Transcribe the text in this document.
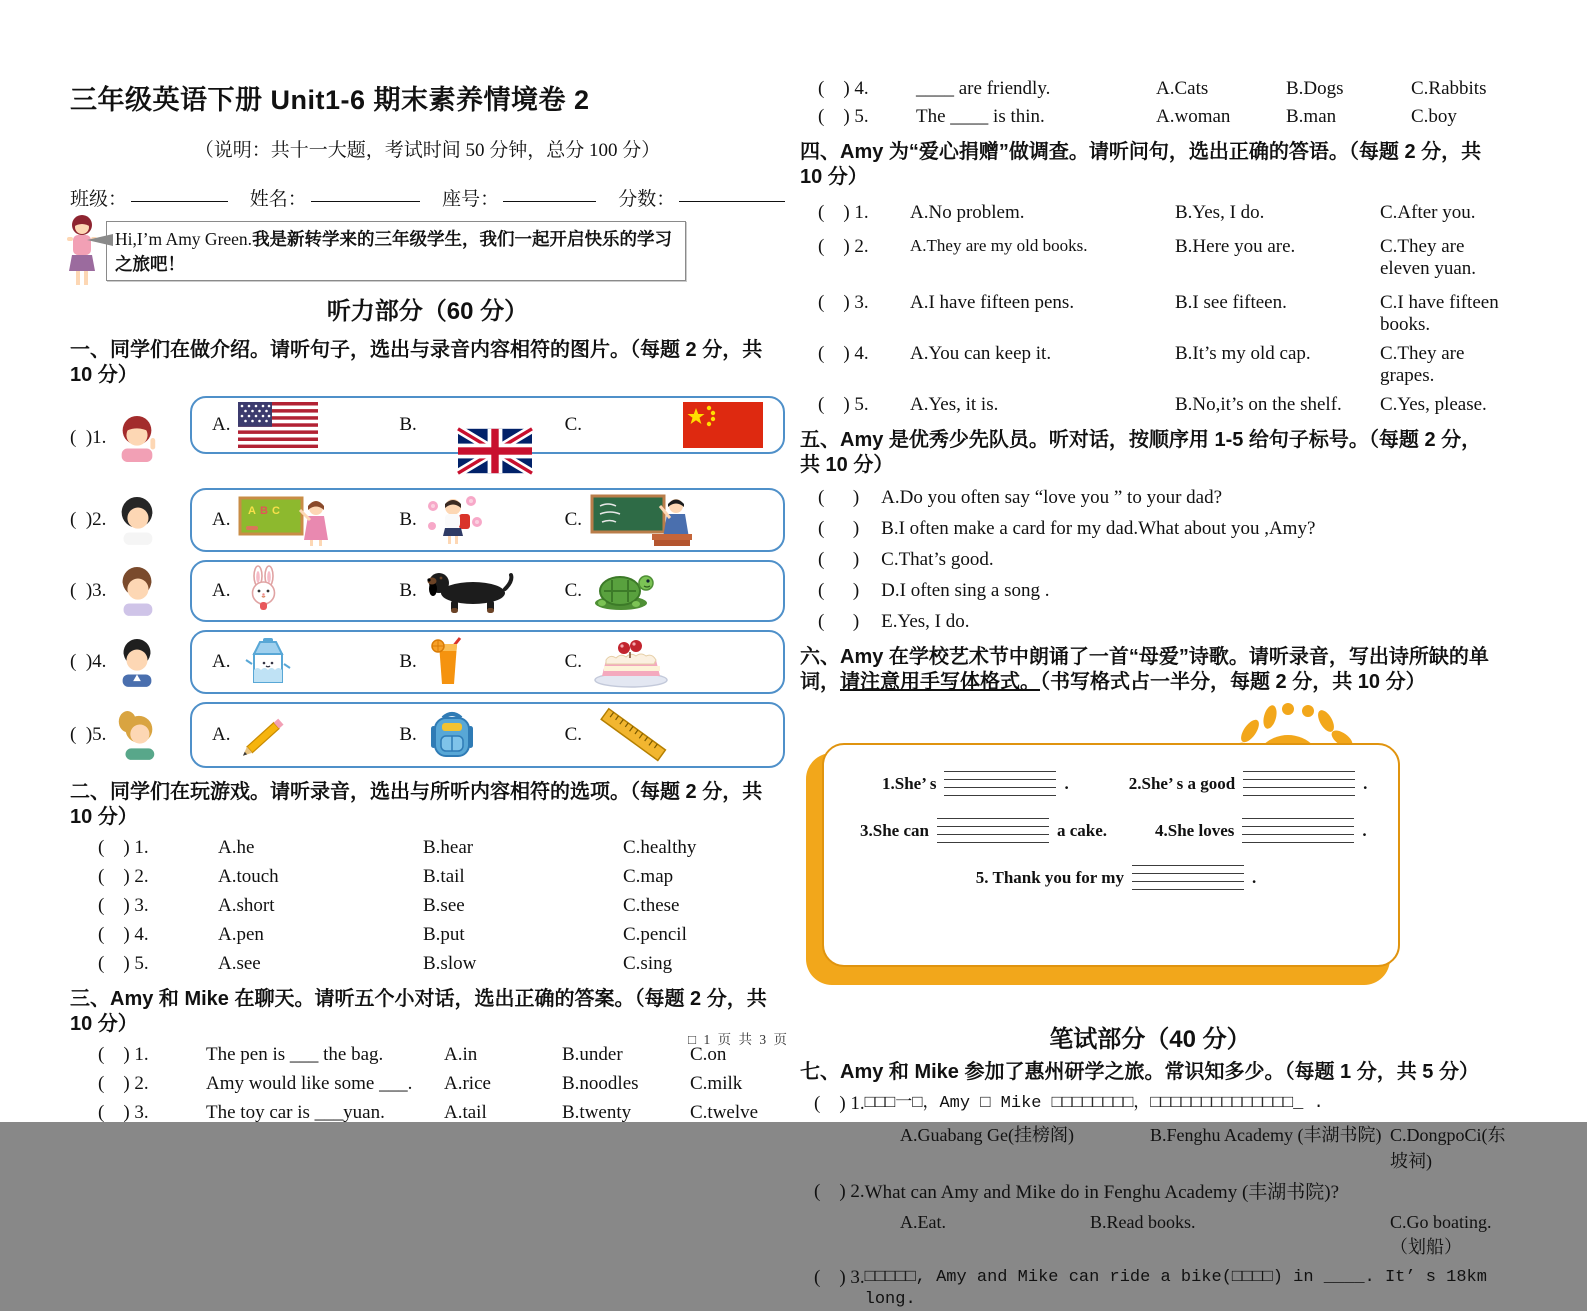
三年级英语下册 Unit1-6 期末素养情境卷 2
（说明：共十一大题，考试时间 50 分钟，总分 100 分）
班级：	姓名：	座号：	分数：
Hi,I’m Amy Green.我是新转学来的三年级学生，我们一起开启快乐的学习之旅吧！
听力部分（60 分）
一、同学们在做介绍。请听句子，选出与录音内容相符的图片。（每题 2 分，共 10 分）
(  )1.
A.	B.	C.
(  )2.	A. A B C	B.	C.
(  )3.	A.	B.	C.
(  )4.	A.	B.	C.
(  )5.	A.	B.	C.
二、同学们在玩游戏。请听录音，选出与所听内容相符的选项。（每题 2 分，共 10 分）
(    ) 1.	A.he	B.hear	C.healthy
(    ) 2.	A.touch	B.tail	C.map
(    ) 3.	A.short	B.see	C.these
(    ) 4.	A.pen	B.put	C.pencil
(    ) 5.	A.see	B.slow	C.sing
三、Amy 和 Mike 在聊天。请听五个小对话，选出正确的答案。（每题 2 分，共 10 分）
(    ) 1.	The pen is ___ the bag.	A.in	B.under	C.on
(    ) 2.	Amy would like some ___.	A.rice	B.noodles	C.milk
(    ) 3.	The toy car is ___yuan.	A.tail	B.twenty	C.twelve
□ 1 页 共 3 页
(    ) 4.	____ are friendly.	A.Cats	B.Dogs	C.Rabbits
(    ) 5.	The ____ is thin.	A.woman	B.man	C.boy
四、Amy 为“爱心捐赠”做调查。请听问句，选出正确的答语。（每题 2 分，共 10 分）
(    ) 1.	A.No problem.	B.Yes, I do.	C.After you.
(    ) 2.	A.They are my old books.	B.Here you are.	C.They are eleven yuan.
(    ) 3.	A.I have fifteen pens.	B.I see fifteen.	C.I have fifteen books.
(    ) 4.	A.You can keep it.	B.It’s my old cap.	C.They are grapes.
(    ) 5.	A.Yes, it is.	B.No,it’s on the shelf.	C.Yes, please.
五、Amy 是优秀少先队员。听对话，按顺序用 1-5 给句子标号。（每题 2 分，共 10 分）
(      ) A.Do you often say “love you ” to your dad?
(      ) B.I often make a card for my dad.What about you ,Amy?
(      ) C.That’s good.
(      ) D.I often sing a song .
(      ) E.Yes, I do.
六、Amy 在学校艺术节中朗诵了一首“母爱”诗歌。请听录音，写出诗所缺的单词，请注意用手写体格式。（书写格式占一半分，每题 2 分，共 10 分）
1.She’ s	.	2.She’ s a good	.
3.She can	a cake.	4.She loves	.
5. Thank you for my	.
笔试部分（40 分）
七、Amy 和 Mike 参加了惠州研学之旅。常识知多少。（每题 1 分，共 5 分）
(    ) 1. □□□一□，Amy □ Mike □□□□□□□□，□□□□□□□□□□□□□□_ .
A.Guabang Ge(挂榜阁)	B.Fenghu Academy (丰湖书院) C.DongpoCi(东坡祠)
(    ) 2. What can Amy and Mike do in Fenghu Academy (丰湖书院)?
A.Eat.	B.Read books.	C.Go boating.（划船）
(    ) 3. □□□□□, Amy and Mike can ride a bike(□□□□) in ____. It’ s 18km long.
